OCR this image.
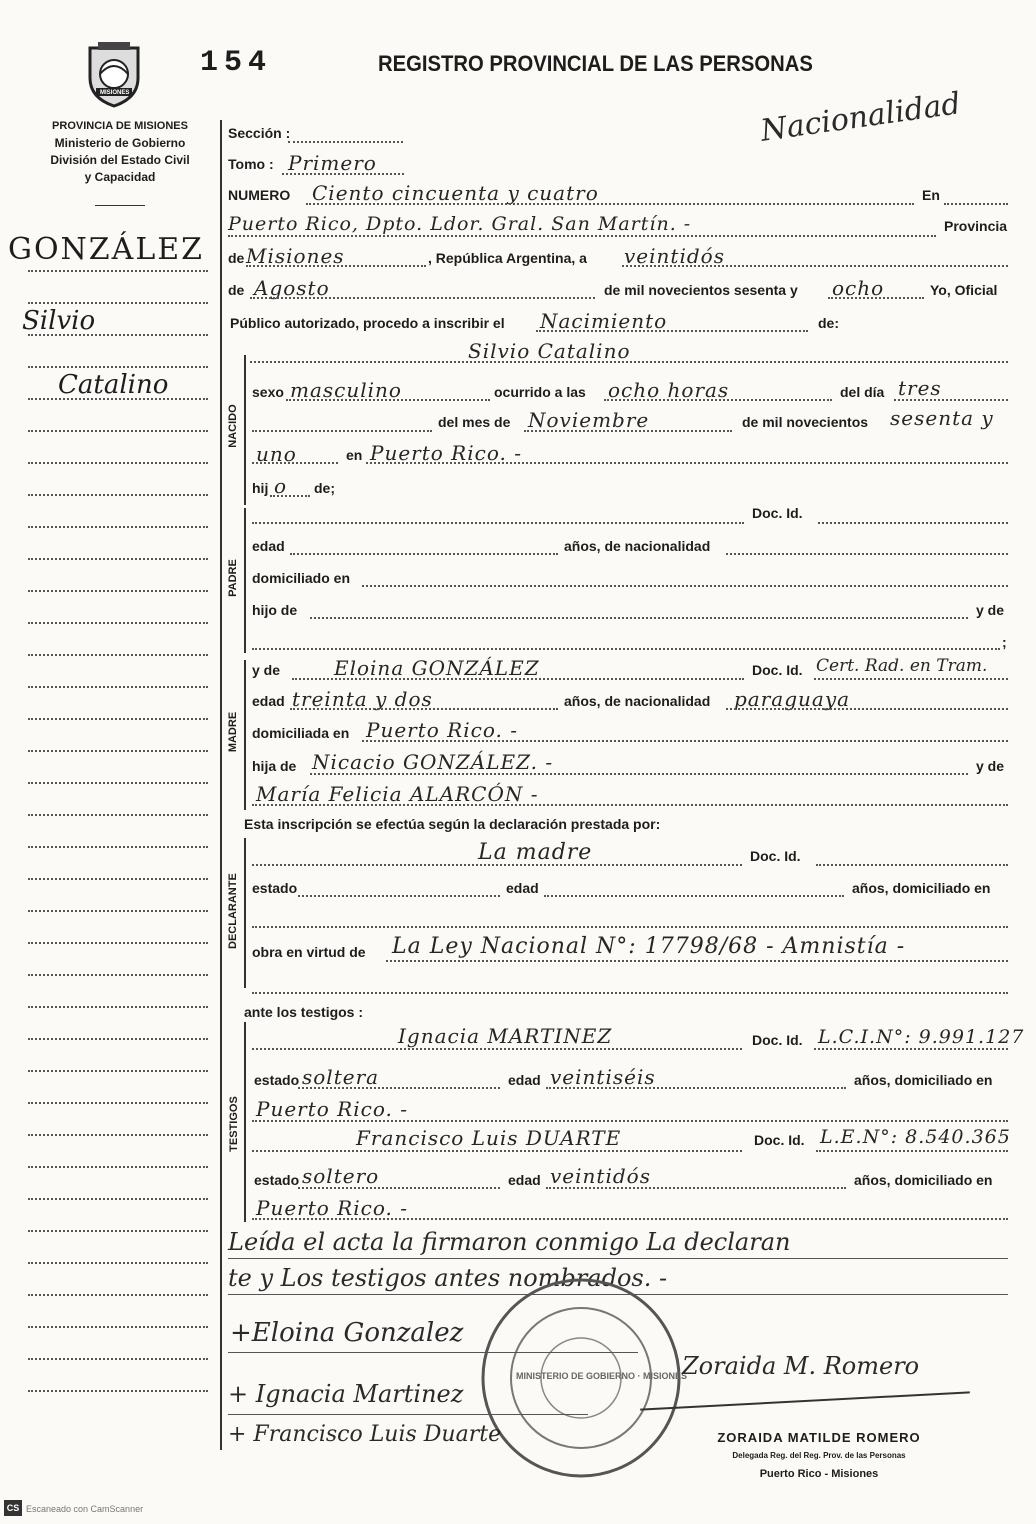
MISIONES
154	REGISTRO PROVINCIAL DE LAS PERSONAS
Nacionalidad
PROVINCIA DE MISIONES
Ministerio de Gobierno
División del Estado Civil
y Capacidad
GONZÁLEZ
Silvio
Catalino
Sección :
Tomo : Primero
NUMERO Ciento cincuenta y cuatro	En
Puerto Rico, Dpto. Ldor. Gral. San Martín. -	Provincia
de Misiones	, República Argentina, a veintidós
de Agosto	de mil novecientos sesenta y ocho	Yo, Oficial
Público autorizado, procedo a inscribir el Nacimiento	de:
NACIDO
Silvio Catalino
sexo masculino	ocurrido a las ocho horas	del día tres
del mes de Noviembre	de mil novecientos sesenta y
uno	en Puerto Rico. -
hij o de;
PADRE
Doc. Id.
edad	años, de nacionalidad
domiciliado en
hijo de	y de
;
MADRE
y de	Eloina GONZÁLEZ	Doc. Id. Cert. Rad. en Tram.
edad treinta y dos	años, de nacionalidad paraguaya
domiciliada en Puerto Rico. -
hija de Nicacio GONZÁLEZ. -	y de
María Felicia ALARCÓN -
Esta inscripción se efectúa según la declaración prestada por:
DECLARANTE
La madre	Doc. Id.
estado	edad	años, domiciliado en
obra en virtud de La Ley Nacional N°: 17798/68 - Amnistía -
ante los testigos :
TESTIGOS
Ignacia MARTINEZ	Doc. Id. L.C.I.N°: 9.991.127
estado soltera	edad veintiséis	años, domiciliado en
Puerto Rico. -
Francisco Luis DUARTE	Doc. Id. L.E.N°: 8.540.365
estado soltero	edad veintidós	años, domiciliado en
Puerto Rico. -
Leída el acta la firmaron conmigo La declaran
te y Los testigos antes nombrados. -
MINISTERIO DE GOBIERNO · MISIONES
+Eloina Gonzalez
Zoraida M. Romero
+ Ignacia Martinez
+ Francisco Luis Duarte	ZORAIDA MATILDE ROMERO
Delegada Reg. del Reg. Prov. de las Personas
Puerto Rico - Misiones
CS Escaneado con CamScanner
